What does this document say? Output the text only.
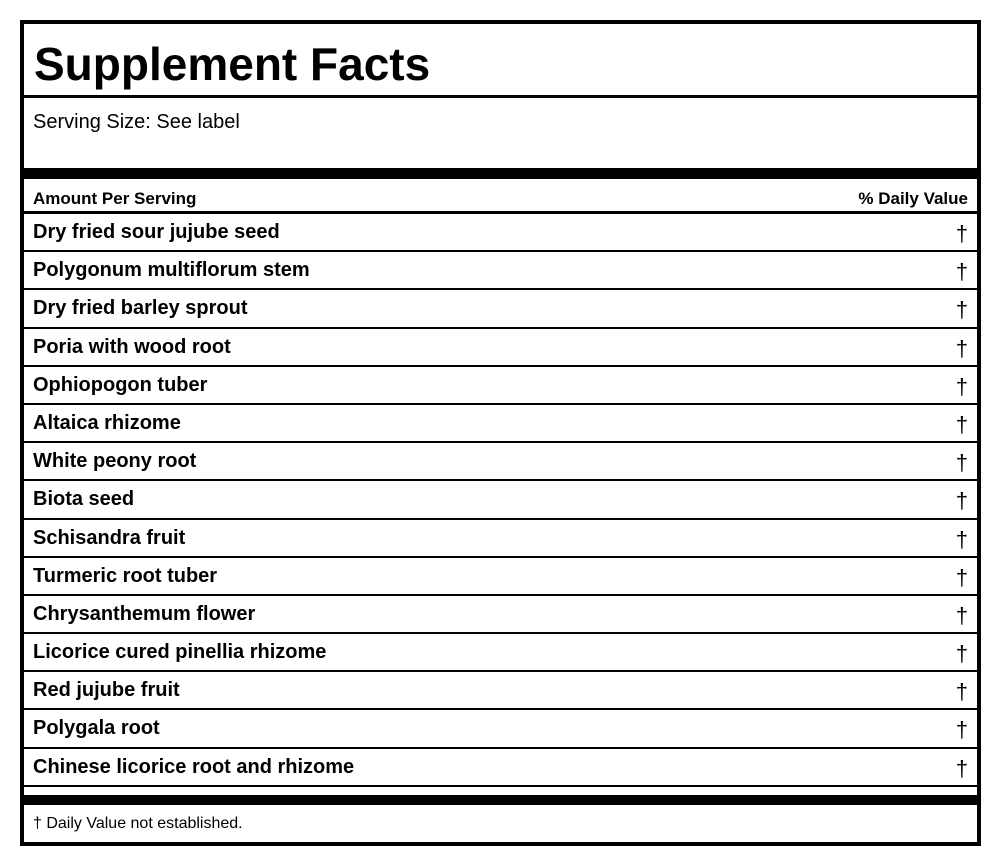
Supplement Facts
Serving Size: See label
Amount Per Serving	% Daily Value
Dry fried sour jujube seed	†
Polygonum multiflorum stem	†
Dry fried barley sprout	†
Poria with wood root	†
Ophiopogon tuber	†
Altaica rhizome	†
White peony root	†
Biota seed	†
Schisandra fruit	†
Turmeric root tuber	†
Chrysanthemum flower	†
Licorice cured pinellia rhizome	†
Red jujube fruit	†
Polygala root	†
Chinese licorice root and rhizome	†
† Daily Value not established.
